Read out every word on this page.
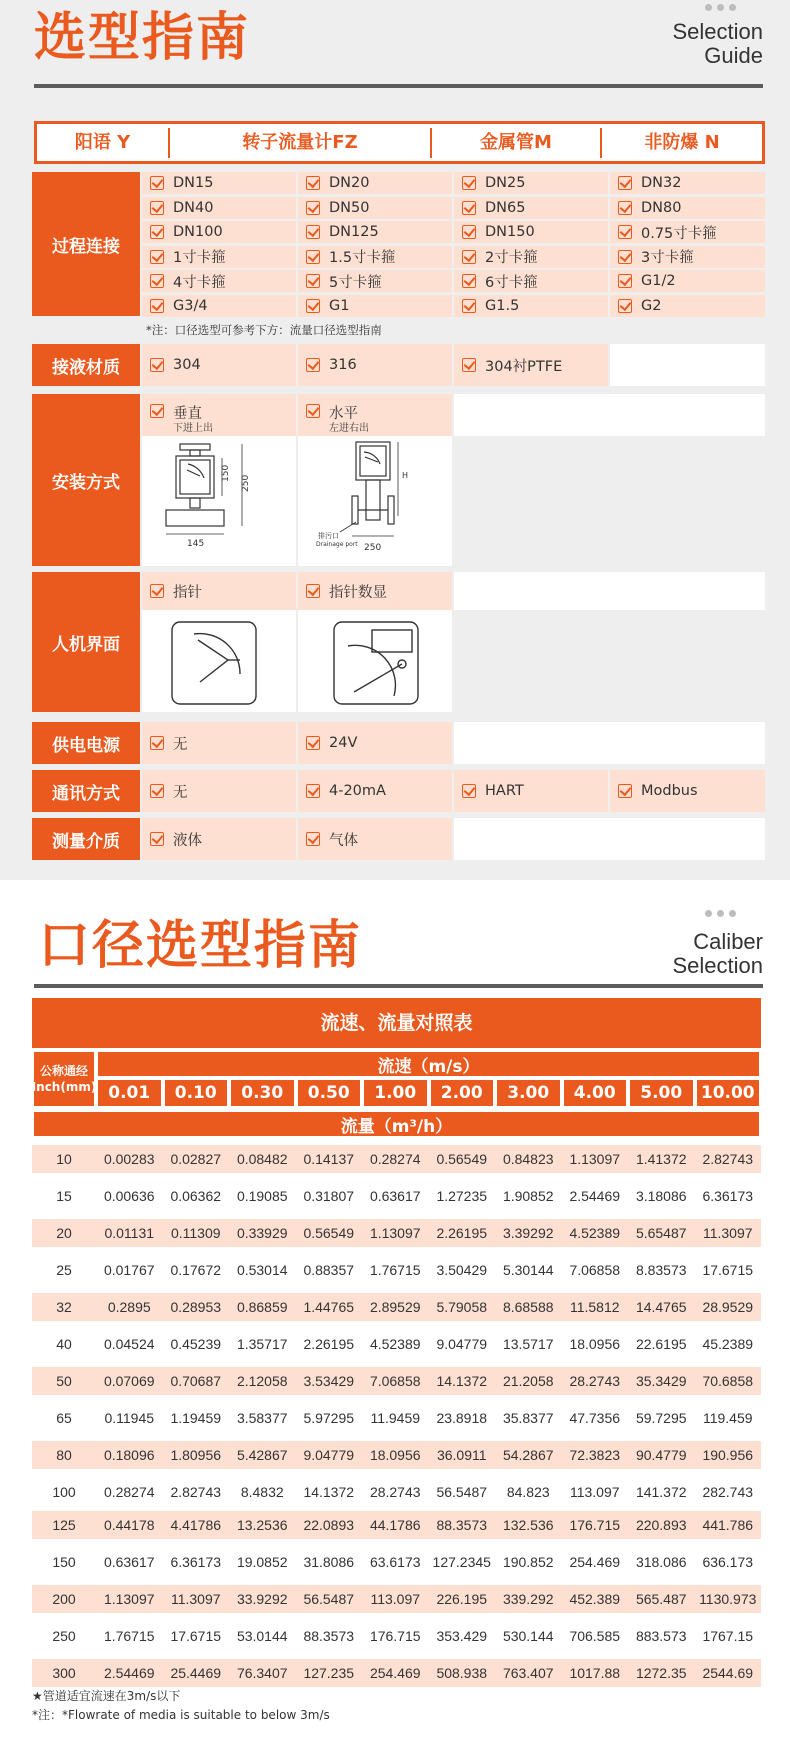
选型指南	Selection
Guide
阳语 Y	转子流量计FZ	金属管M	非防爆 N
过程连接
DN15	DN20	DN25	DN32
DN40	DN50	DN65	DN80
DN100	DN125	DN150	0.75寸卡箍
1寸卡箍	1.5寸卡箍	2寸卡箍	3寸卡箍
4寸卡箍	5寸卡箍	6寸卡箍	G1/2
G3/4	G1	G1.5	G2
*注：口径选型可参考下方：流量口径选型指南
接液材质	304	316	304衬PTFE
安装方式
垂直
下进上出
水平
左进右出
150
250
145
H
250
排污口
Drainage port
人机界面
指针	指针数显
供电电源	无	24V
通讯方式	无	4-20mA	HART	Modbus
测量介质	液体	气体
口径选型指南	Caliber
Selection
流速、流量对照表
公称通经
Inch(mm)
流速（m/s）
0.01	0.10	0.30	0.50	1.00	2.00	3.00	4.00	5.00	10.00
流量（m³/h）
10	0.00283	0.02827	0.08482	0.14137	0.28274	0.56549	0.84823	1.13097	1.41372	2.82743
15	0.00636	0.06362	0.19085	0.31807	0.63617	1.27235	1.90852	2.54469	3.18086	6.36173
20	0.01131	0.11309	0.33929	0.56549	1.13097	2.26195	3.39292	4.52389	5.65487	11.3097
25	0.01767	0.17672	0.53014	0.88357	1.76715	3.50429	5.30144	7.06858	8.83573	17.6715
32	0.2895	0.28953	0.86859	1.44765	2.89529	5.79058	8.68588	11.5812	14.4765	28.9529
40	0.04524	0.45239	1.35717	2.26195	4.52389	9.04779	13.5717	18.0956	22.6195	45.2389
50	0.07069	0.70687	2.12058	3.53429	7.06858	14.1372	21.2058	28.2743	35.3429	70.6858
65	0.11945	1.19459	3.58377	5.97295	11.9459	23.8918	35.8377	47.7356	59.7295	119.459
80	0.18096	1.80956	5.42867	9.04779	18.0956	36.0911	54.2867	72.3823	90.4779	190.956
100	0.28274	2.82743	8.4832	14.1372	28.2743	56.5487	84.823	113.097	141.372	282.743
125	0.44178	4.41786	13.2536	22.0893	44.1786	88.3573	132.536	176.715	220.893	441.786
150	0.63617	6.36173	19.0852	31.8086	63.6173 127.2345 190.852	254.469	318.086	636.173
200	1.13097	11.3097	33.9292	56.5487	113.097	226.195	339.292	452.389	565.487 1130.973
250	1.76715	17.6715	53.0144	88.3573	176.715	353.429	530.144	706.585	883.573	1767.15
300	2.54469	25.4469	76.3407	127.235	254.469	508.938	763.407	1017.88	1272.35	2544.69
★管道适宜流速在3m/s以下
*注：*Flowrate of media is suitable to below 3m/s
